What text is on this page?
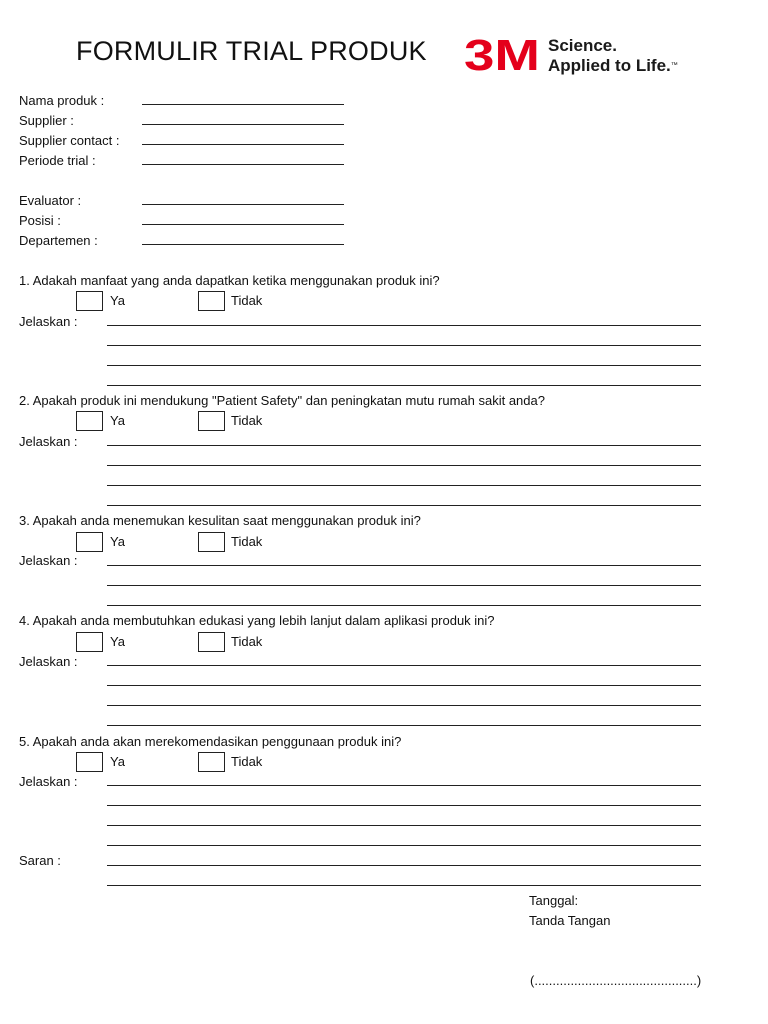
FORMULIR TRIAL PRODUK 3M Science.
Applied to Life.™
Nama produk :
Supplier :
Supplier contact :
Periode trial :
Evaluator :
Posisi :
Departemen :
1. Adakah manfaat yang anda dapatkan ketika menggunakan produk ini?
Ya	Tidak
Jelaskan :
2. Apakah produk ini mendukung "Patient Safety" dan peningkatan mutu rumah sakit anda?
Ya	Tidak
Jelaskan :
3. Apakah anda menemukan kesulitan saat menggunakan produk ini?
Ya	Tidak
Jelaskan :
4. Apakah anda membutuhkan edukasi yang lebih lanjut dalam aplikasi produk ini?
Ya	Tidak
Jelaskan :
5. Apakah anda akan merekomendasikan penggunaan produk ini?
Ya	Tidak
Jelaskan :
Saran :
Tanggal:
Tanda Tangan
(.............................................)
